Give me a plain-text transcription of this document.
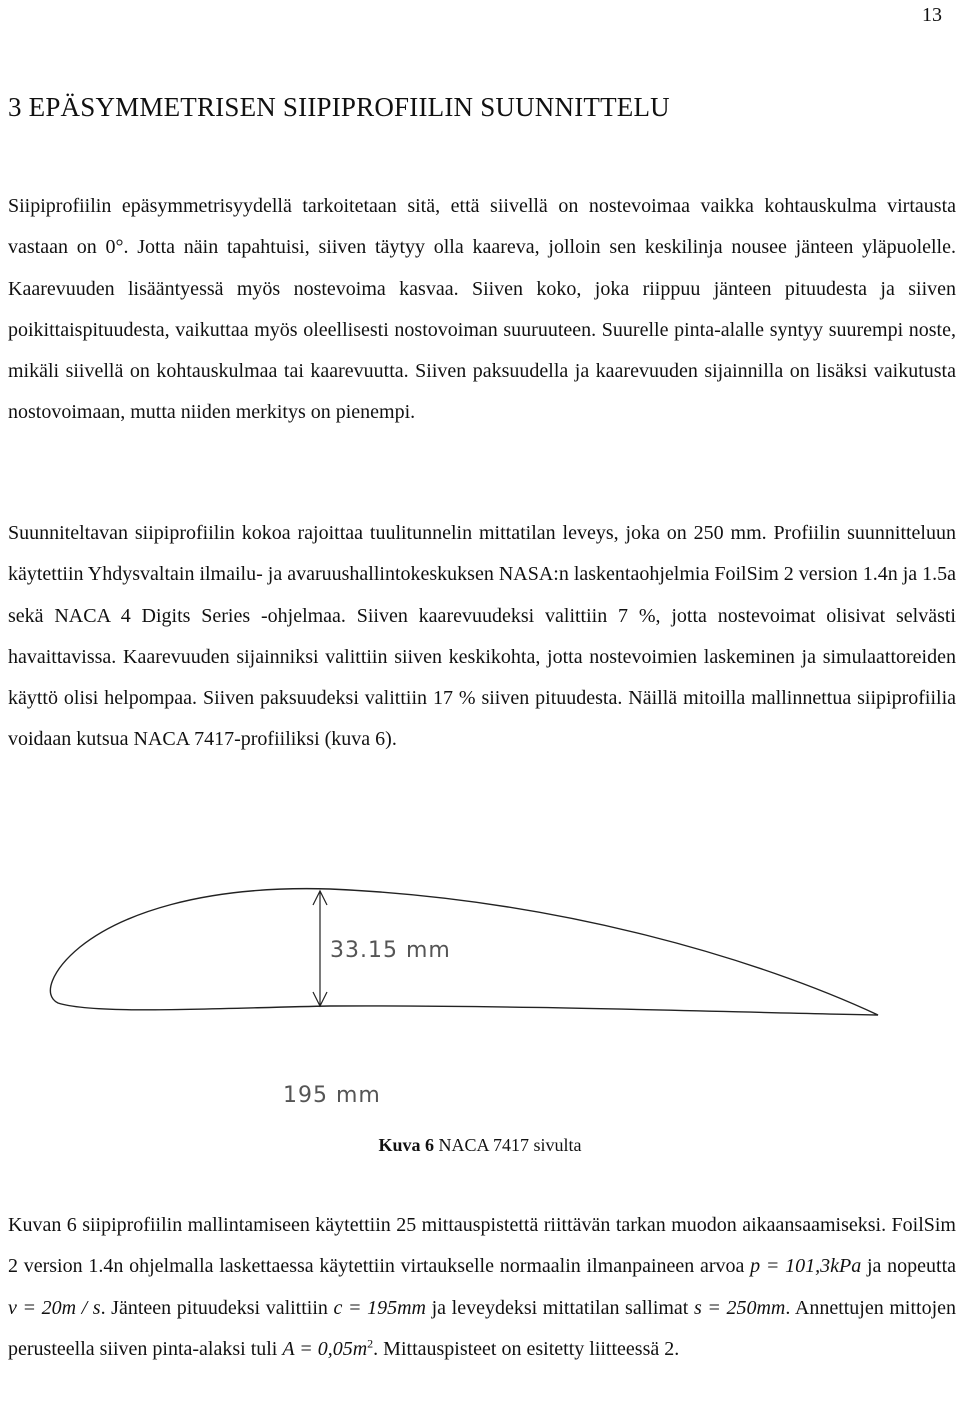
13
3 EPÄSYMMETRISEN SIIPIPROFIILIN SUUNNITTELU

Siipiprofiilin epäsymmetrisyydellä tarkoitetaan sitä, että siivellä on nostevoimaa vaikka kohtauskulma virtausta vastaan on 0°. Jotta näin tapahtuisi, siiven täytyy olla kaareva, jolloin sen keskilinja nousee jänteen yläpuolelle. Kaarevuuden lisääntyessä myös nostevoima kasvaa. Siiven koko, joka riippuu jänteen pituudesta ja siiven poikittaispituudesta, vaikuttaa myös oleellisesti nostovoiman suuruuteen. Suurelle pinta-alalle syntyy suurempi noste, mikäli siivellä on kohtauskulmaa tai kaarevuutta. Siiven paksuudella ja kaarevuuden sijainnilla on lisäksi vaikutusta nostovoimaan, mutta niiden merkitys on pienempi.

Suunniteltavan siipiprofiilin kokoa rajoittaa tuulitunnelin mittatilan leveys, joka on 250 mm. Profiilin suunnitteluun käytettiin Yhdysvaltain ilmailu- ja avaruushallintokeskuksen NASA:n laskentaohjelmia FoilSim 2 version 1.4n ja 1.5a sekä NACA 4 Digits Series -ohjelmaa. Siiven kaarevuudeksi valittiin 7 %, jotta nostevoimat olisivat selvästi havaittavissa. Kaarevuuden sijainniksi valittiin siiven keskikohta, jotta nostevoimien laskeminen ja simulaattoreiden käyttö olisi helpompaa. Siiven paksuudeksi valittiin 17 % siiven pituudesta. Näillä mitoilla mallinnettua siipiprofiilia voidaan kutsua NACA 7417-profiiliksi (kuva 6).

33.15 mm
195 mm
Kuva 6 NACA 7417 sivulta

Kuvan 6 siipiprofiilin mallintamiseen käytettiin 25 mittauspistettä riittävän tarkan muodon aikaansaamiseksi. FoilSim 2 version 1.4n ohjelmalla laskettaessa käytettiin virtaukselle normaalin ilmanpaineen arvoa p = 101,3kPa ja nopeutta v = 20m / s. Jänteen pituudeksi valittiin c = 195mm ja leveydeksi mittatilan sallimat s = 250mm. Annettujen mittojen perusteella siiven pinta-alaksi tuli $A = 0,05m^2$. Mittauspisteet on esitetty liitteessä 2.
